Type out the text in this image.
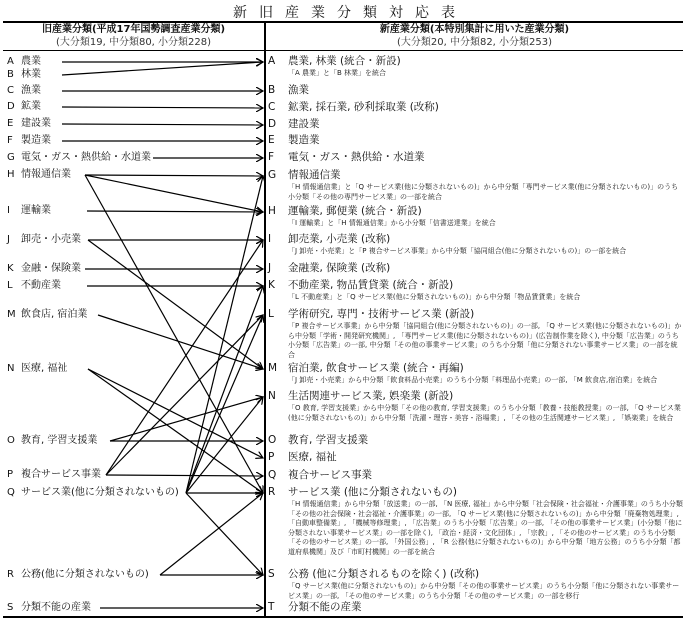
新旧産業分類対応表
旧産業分類(平成17年国勢調査産業分類)
(大分類19, 中分類80, 小分類228)
新産業分類(本特別集計に用いた産業分類)
(大分類20, 中分類82, 小分類253)
A 農業
B 林業
C 漁業
D 鉱業
E 建設業
F 製造業
G 電気・ガス・熱供給・水道業
H 情報通信業
I 運輸業
J 卸売・小売業
K 金融・保険業
L 不動産業
M 飲食店, 宿泊業
N 医療, 福祉
O 教育, 学習支援業
P 複合サービス事業
Q サービス業(他に分類されないもの)
R 公務(他に分類されないもの)
S 分類不能の産業
A 農業, 林業 (統合・新設)
「A 農業」と「B 林業」を統合
B 漁業
C 鉱業, 採石業, 砂利採取業 (改称)
D 建設業
E 製造業
F 電気・ガス・熱供給・水道業
G 情報通信業
「H 情報通信業」と「Q サービス業(他に分類されないもの)」から中分類「専門サービス業(他に分類されないもの)」のうち小分類「その他の専門サービス業」の一部を統合
H 運輸業, 郵便業 (統合・新設)
「I 運輸業」と「H 情報通信業」から小分類「信書送達業」を統合
I 卸売業, 小売業 (改称)
「J 卸売・小売業」と「P 複合サービス事業」から中分類「協同組合(他に分類されないもの)」の一部を統合
J 金融業, 保険業 (改称)
K 不動産業, 物品賃貸業 (統合・新設)
「L 不動産業」と「Q サービス業(他に分類されないもの)」から中分類「物品賃貸業」を統合
L 学術研究, 専門・技術サービス業 (新設)
「P 複合サービス事業」から中分類「協同組合(他に分類されないもの)」の一部, 「Q サービス業(他に分類されないもの)」から中分類「学術・開発研究機関」, 「専門サービス業(他に分類されないもの)」(広告制作業を除く), 中分類「広告業」のうち小分類「広告業」の一部, 中分類「その他の事業サービス業」のうち小分類「他に分類されない事業サービス業」の一部を統合
M 宿泊業, 飲食サービス業 (統合・再編)
「J 卸売・小売業」から中分類「飲食料品小売業」のうち小分類「料理品小売業」の一部, 「M 飲食店,宿泊業」を統合
N 生活関連サービス業, 娯楽業 (新設)
「O 教育, 学習支援業」から中分類「その他の教育, 学習支援業」のうち小分類「教養・技能教授業」の一部, 「Q サービス業(他に分類されないもの)」から中分類「洗濯・理容・美容・浴場業」, 「その他の生活関連サービス業」, 「娯楽業」を統合
O 教育, 学習支援業
P 医療, 福祉
Q 複合サービス事業
R サービス業 (他に分類されないもの)
「H 情報通信業」から中分類「放送業」の一部, 「N 医療, 福祉」から中分類「社会保険・社会福祉・介護事業」のうち小分類「その他の社会保険・社会福祉・介護事業」の一部, 「Q サービス業(他に分類されないもの)」から中分類「廃棄物処理業」, 「自動車整備業」, 「機械等修理業」, 「広告業」のうち小分類「広告業」の一部, 「その他の事業サービス業」(小分類「他に分類されない事業サービス業」の一部を除く), 「政治・経済・文化団体」, 「宗教」, 「その他のサービス業」のうち小分類「その他のサービス業」の一部, 「外国公務」, 「R 公務(他に分類されないもの)」から中分類「地方公務」のうち小分類「都道府県機関」及び「市町村機関」の一部を統合
S 公務 (他に分類されるものを除く) (改称)
「Q サービス業(他に分類されないもの)」から中分類「その他の事業サービス業」のうち小分類「他に分類されない事業サービス業」の一部, 「その他のサービス業」のうち小分類「その他のサービス業」の一部を移行
T 分類不能の産業
